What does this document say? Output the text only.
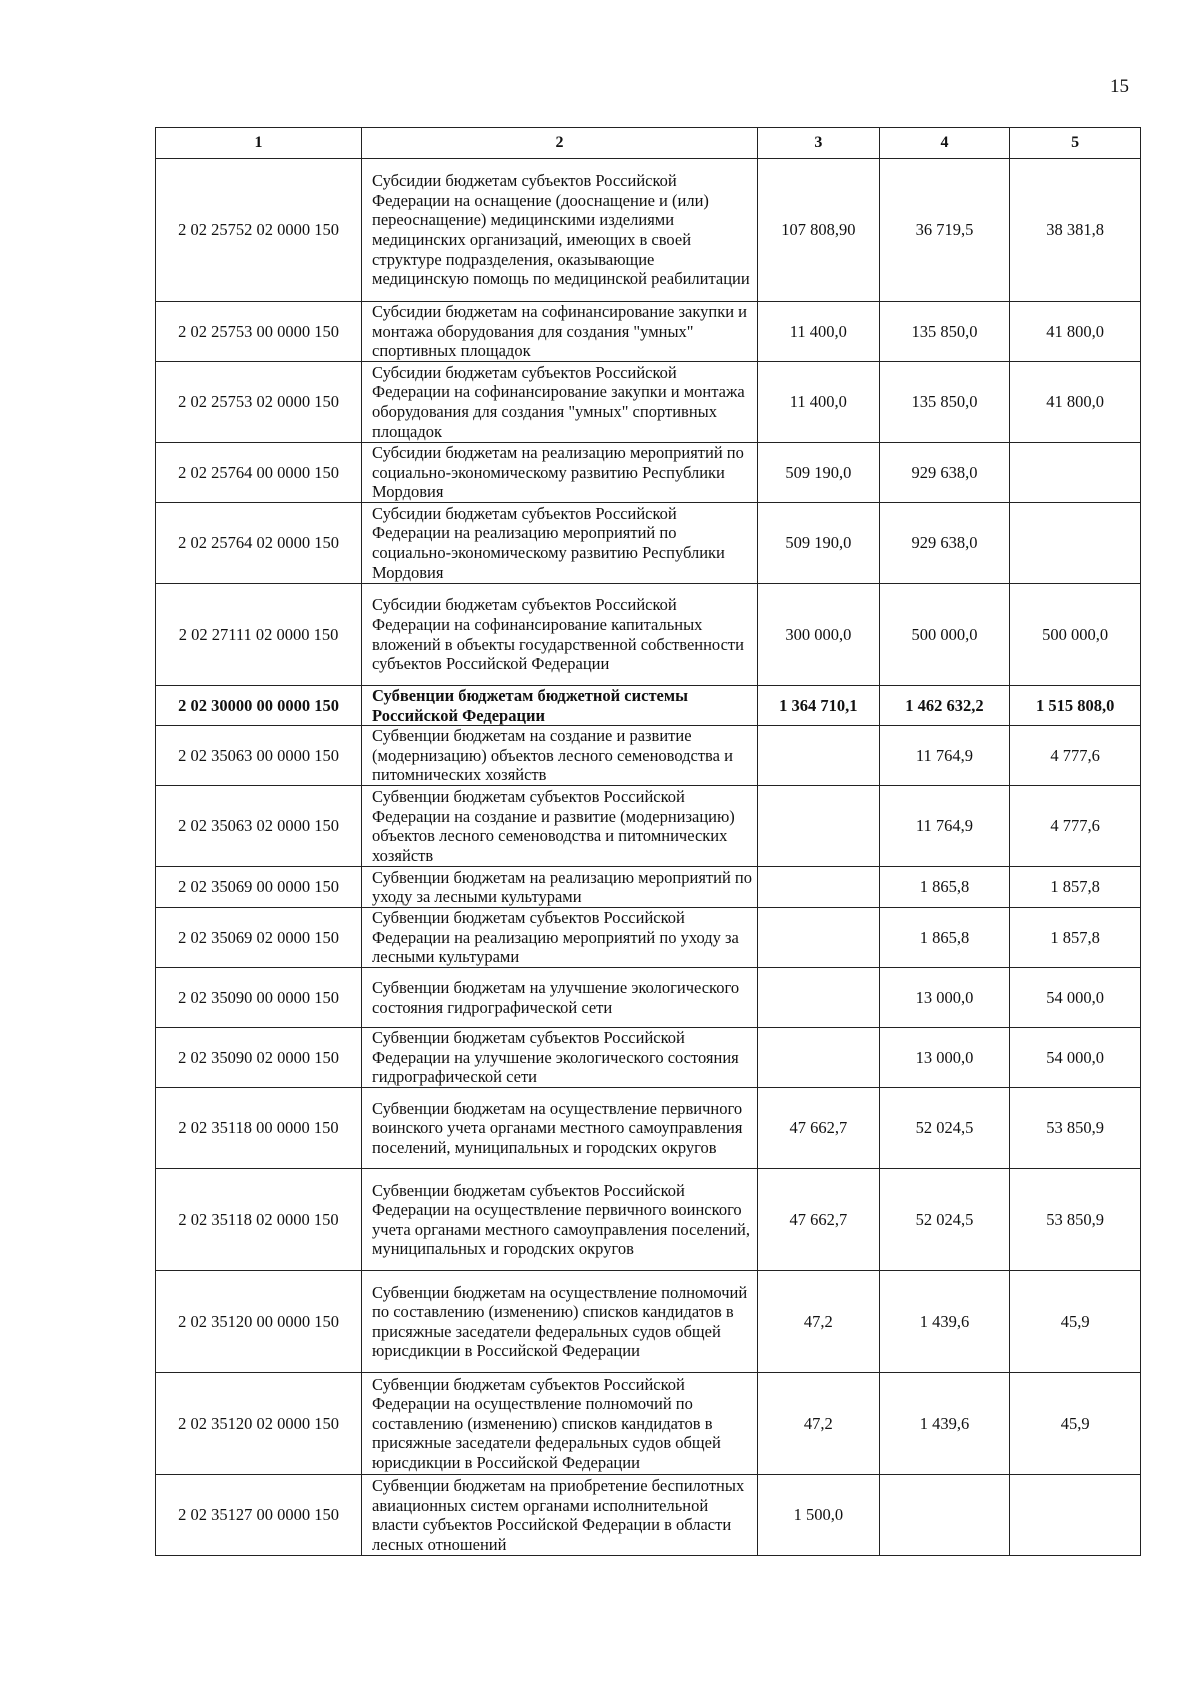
15
1	2	3	4	5
2 02 25752 02 0000 150	Субсидии бюджетам субъектов Российской Федерации на оснащение (дооснащение и (или) переоснащение) медицинскими изделиями медицинских организаций, имеющих в своей структуре подразделения, оказывающие медицинскую помощь по медицинской реабилитации	107 808,90	36 719,5	38 381,8
2 02 25753 00 0000 150	Субсидии бюджетам на софинансирование закупки и монтажа оборудования для создания "умных" спортивных площадок	11 400,0	135 850,0	41 800,0
2 02 25753 02 0000 150	Субсидии бюджетам субъектов Российской Федерации на софинансирование закупки и монтажа оборудования для создания "умных" спортивных площадок	11 400,0	135 850,0	41 800,0
2 02 25764 00 0000 150	Субсидии бюджетам на реализацию мероприятий по социально-экономическому развитию Республики Мордовия	509 190,0	929 638,0	
2 02 25764 02 0000 150	Субсидии бюджетам субъектов Российской Федерации на реализацию мероприятий по социально-экономическому развитию Республики Мордовия	509 190,0	929 638,0	
2 02 27111 02 0000 150	Субсидии бюджетам субъектов Российской Федерации на софинансирование капитальных вложений в объекты государственной собственности субъектов Российской Федерации	300 000,0	500 000,0	500 000,0
2 02 30000 00 0000 150	Субвенции бюджетам бюджетной системы Российской Федерации	1 364 710,1	1 462 632,2	1 515 808,0
2 02 35063 00 0000 150	Субвенции бюджетам на создание и развитие (модернизацию) объектов лесного семеноводства и питомнических хозяйств		11 764,9	4 777,6
2 02 35063 02 0000 150	Субвенции бюджетам субъектов Российской Федерации на создание и развитие (модернизацию) объектов лесного семеноводства и питомнических хозяйств		11 764,9	4 777,6
2 02 35069 00 0000 150	Субвенции бюджетам на реализацию мероприятий по уходу за лесными культурами		1 865,8	1 857,8
2 02 35069 02 0000 150	Субвенции бюджетам субъектов Российской Федерации на реализацию мероприятий по уходу за лесными культурами		1 865,8	1 857,8
2 02 35090 00 0000 150	Субвенции бюджетам на улучшение экологического состояния гидрографической сети		13 000,0	54 000,0
2 02 35090 02 0000 150	Субвенции бюджетам субъектов Российской Федерации на улучшение экологического состояния гидрографической сети		13 000,0	54 000,0
2 02 35118 00 0000 150	Субвенции бюджетам на осуществление первичного воинского учета органами местного самоуправления поселений, муниципальных и городских округов	47 662,7	52 024,5	53 850,9
2 02 35118 02 0000 150	Субвенции бюджетам субъектов Российской Федерации на осуществление первичного воинского учета органами местного самоуправления поселений, муниципальных и городских округов	47 662,7	52 024,5	53 850,9
2 02 35120 00 0000 150	Субвенции бюджетам на осуществление полномочий по составлению (изменению) списков кандидатов в присяжные заседатели федеральных судов общей юрисдикции в Российской Федерации	47,2	1 439,6	45,9
2 02 35120 02 0000 150	Субвенции бюджетам субъектов Российской Федерации на осуществление полномочий по составлению (изменению) списков кандидатов в присяжные заседатели федеральных судов общей юрисдикции в Российской Федерации	47,2	1 439,6	45,9
2 02 35127 00 0000 150	Субвенции бюджетам на приобретение беспилотных авиационных систем органами исполнительной власти субъектов Российской Федерации в области лесных отношений	1 500,0		
